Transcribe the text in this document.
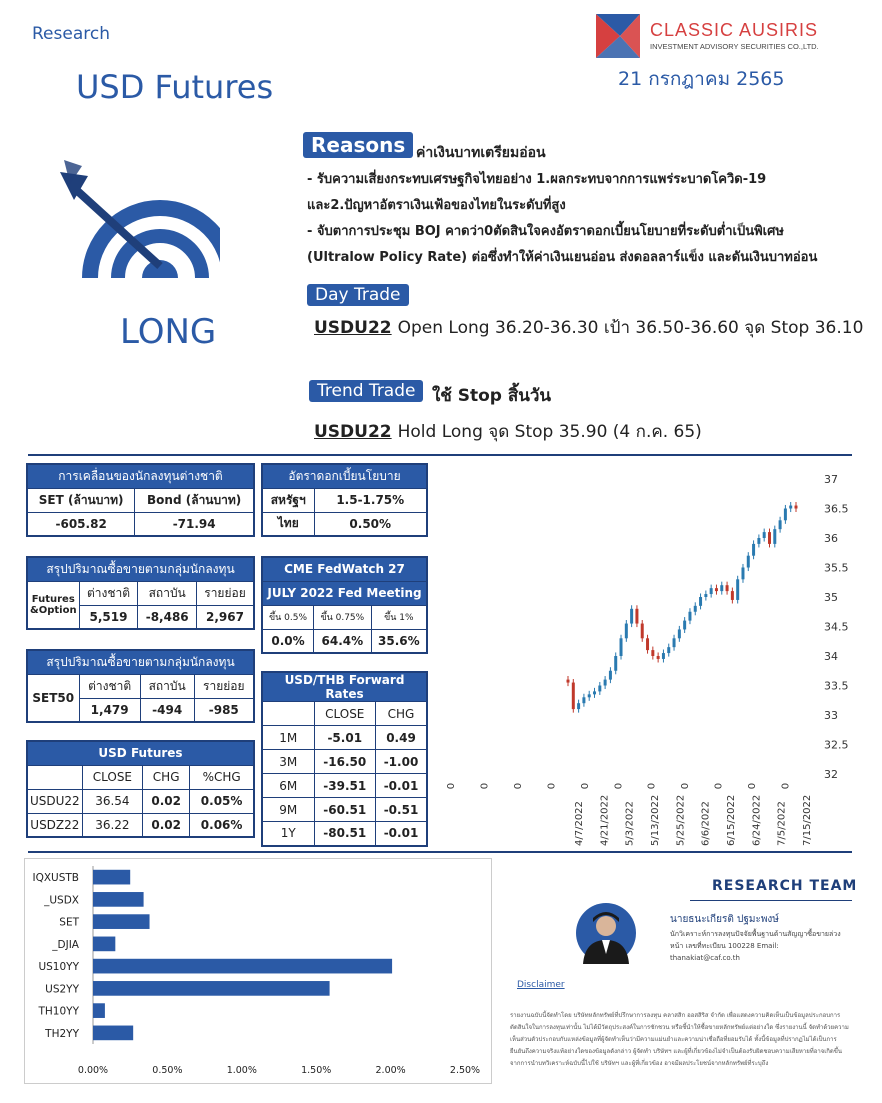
Research
USD Futures
CLASSIC AUSIRIS
INVESTMENT ADVISORY SECURITIES CO.,LTD.
21 กรกฎาคม 2565
LONG
Reasons ค่าเงินบาทเตรียมอ่อน
- รับความเสี่ยงกระทบเศรษฐกิจไทยอย่าง 1.ผลกระทบจากการแพร่ระบาดโควิด-19
และ2.ปัญหาอัตราเงินเฟ้อของไทยในระดับที่สูง
- จับตาการประชุม BOJ คาดว่า0ตัดสินใจคงอัตราดอกเบี้ยนโยบายที่ระดับต่ำเป็นพิเศษ
(Ultralow Policy Rate) ต่อซึ่งทำให้ค่าเงินเยนอ่อน ส่งดอลลาร์แข็ง และดันเงินบาทอ่อน
Day Trade
USDU22 Open Long 36.20-36.30 เป้า 36.50-36.60 จุด Stop 36.10
Trend Trade ใช้ Stop สิ้นวัน
USDU22 Hold Long จุด Stop 35.90 (4 ก.ค. 65)
การเคลื่อนของนักลงทุนต่างชาติ	
SET (ล้านบาท)	Bond (ล้านบาท)
-605.82	-71.94
อัตราดอกเบี้ยนโยบาย	
สหรัฐฯ	1.5-1.75%
ไทย	0.50%
สรุปปริมาณซื้อขายตามกลุ่มนักลงทุน			

Futures
&Option	ต่างชาติ	สถาบัน	รายย่อย
	5,519	-8,486	2,967
CME FedWatch 27		
JULY 2022 Fed Meeting		
ขึ้น 0.5%	ขึ้น 0.75%	ขึ้น 1%
0.0%	64.4%	35.6%
สรุปปริมาณซื้อขายตามกลุ่มนักลงทุน			
SET50	ต่างชาติ	สถาบัน	รายย่อย
	1,479	-494	-985
USD Futures			
	CLOSE	CHG	%CHG
USDU22	36.54	0.02	0.05%
USDZ22	36.22	0.02	0.06%
USD/THB Forward Rates		
	CLOSE	CHG
1M	-5.01	0.49
3M	-16.50	-1.00
6M	-39.51	-0.01
9M	-60.51	-0.51
1Y	-80.51	-0.01
37
36.5
36
35.5
35
34.5
34
33.5
33
32.5
32
0 0 0 0 0 0 0 0 0 0 0
4/7/2022 4/21/2022 5/3/2022 5/13/2022 5/25/2022 6/6/2022 6/15/2022 6/24/2022 7/5/2022 7/15/2022
IQXUSTB
_USDX
SET
_DJIA
US10YY
US2YY
TH10YY
TH2YY
0.00%	0.50%	1.00%	1.50%	2.00%	2.50%
RESEARCH TEAM
นายธนะเกียรติ ปฐมะพงษ์
นักวิเคราะห์การลงทุนปัจจัยพื้นฐานด้านสัญญาซื้อขายล่วงหน้า เลขที่ทะเบียน 100228 Email: thanakiat@caf.co.th
Disclaimer
รายงานฉบับนี้จัดทำโดย บริษัทหลักทรัพย์ที่ปรึกษาการลงทุน คลาสสิก ออสสิริส จำกัด เพื่อแสดงความคิดเห็นเป็นข้อมูลประกอบการตัดสินใจในการลงทุนเท่านั้น ไม่ได้มีวัตถุประสงค์ในการชักชวน หรือชี้นำให้ซื้อขายหลักทรัพย์แต่อย่างใด ซึ่งรายงานนี้ จัดทำด้วยความเห็นส่วนตัวประกอบกับแหล่งข้อมูลที่ผู้จัดทำเห็นว่ามีความแม่นยำและความน่าเชื่อถือที่ยอมรับได้ ทั้งนี้ข้อมูลที่ปรากฏไม่ได้เป็นการยืนยันถึงความจริงแท้อย่างใดของข้อมูลดังกล่าว ผู้จัดทำ บริษัทฯ และผู้ที่เกี่ยวข้องไม่จำเป็นต้องรับผิดชอบความเสียหายที่อาจเกิดขึ้นจากการนำบทวิเคราะห์ฉบับนี้ไปใช้ บริษัทฯ และผู้ที่เกี่ยวข้อง อาจมีผลประโยชน์จากหลักทรัพย์ที่ระบุถึง
